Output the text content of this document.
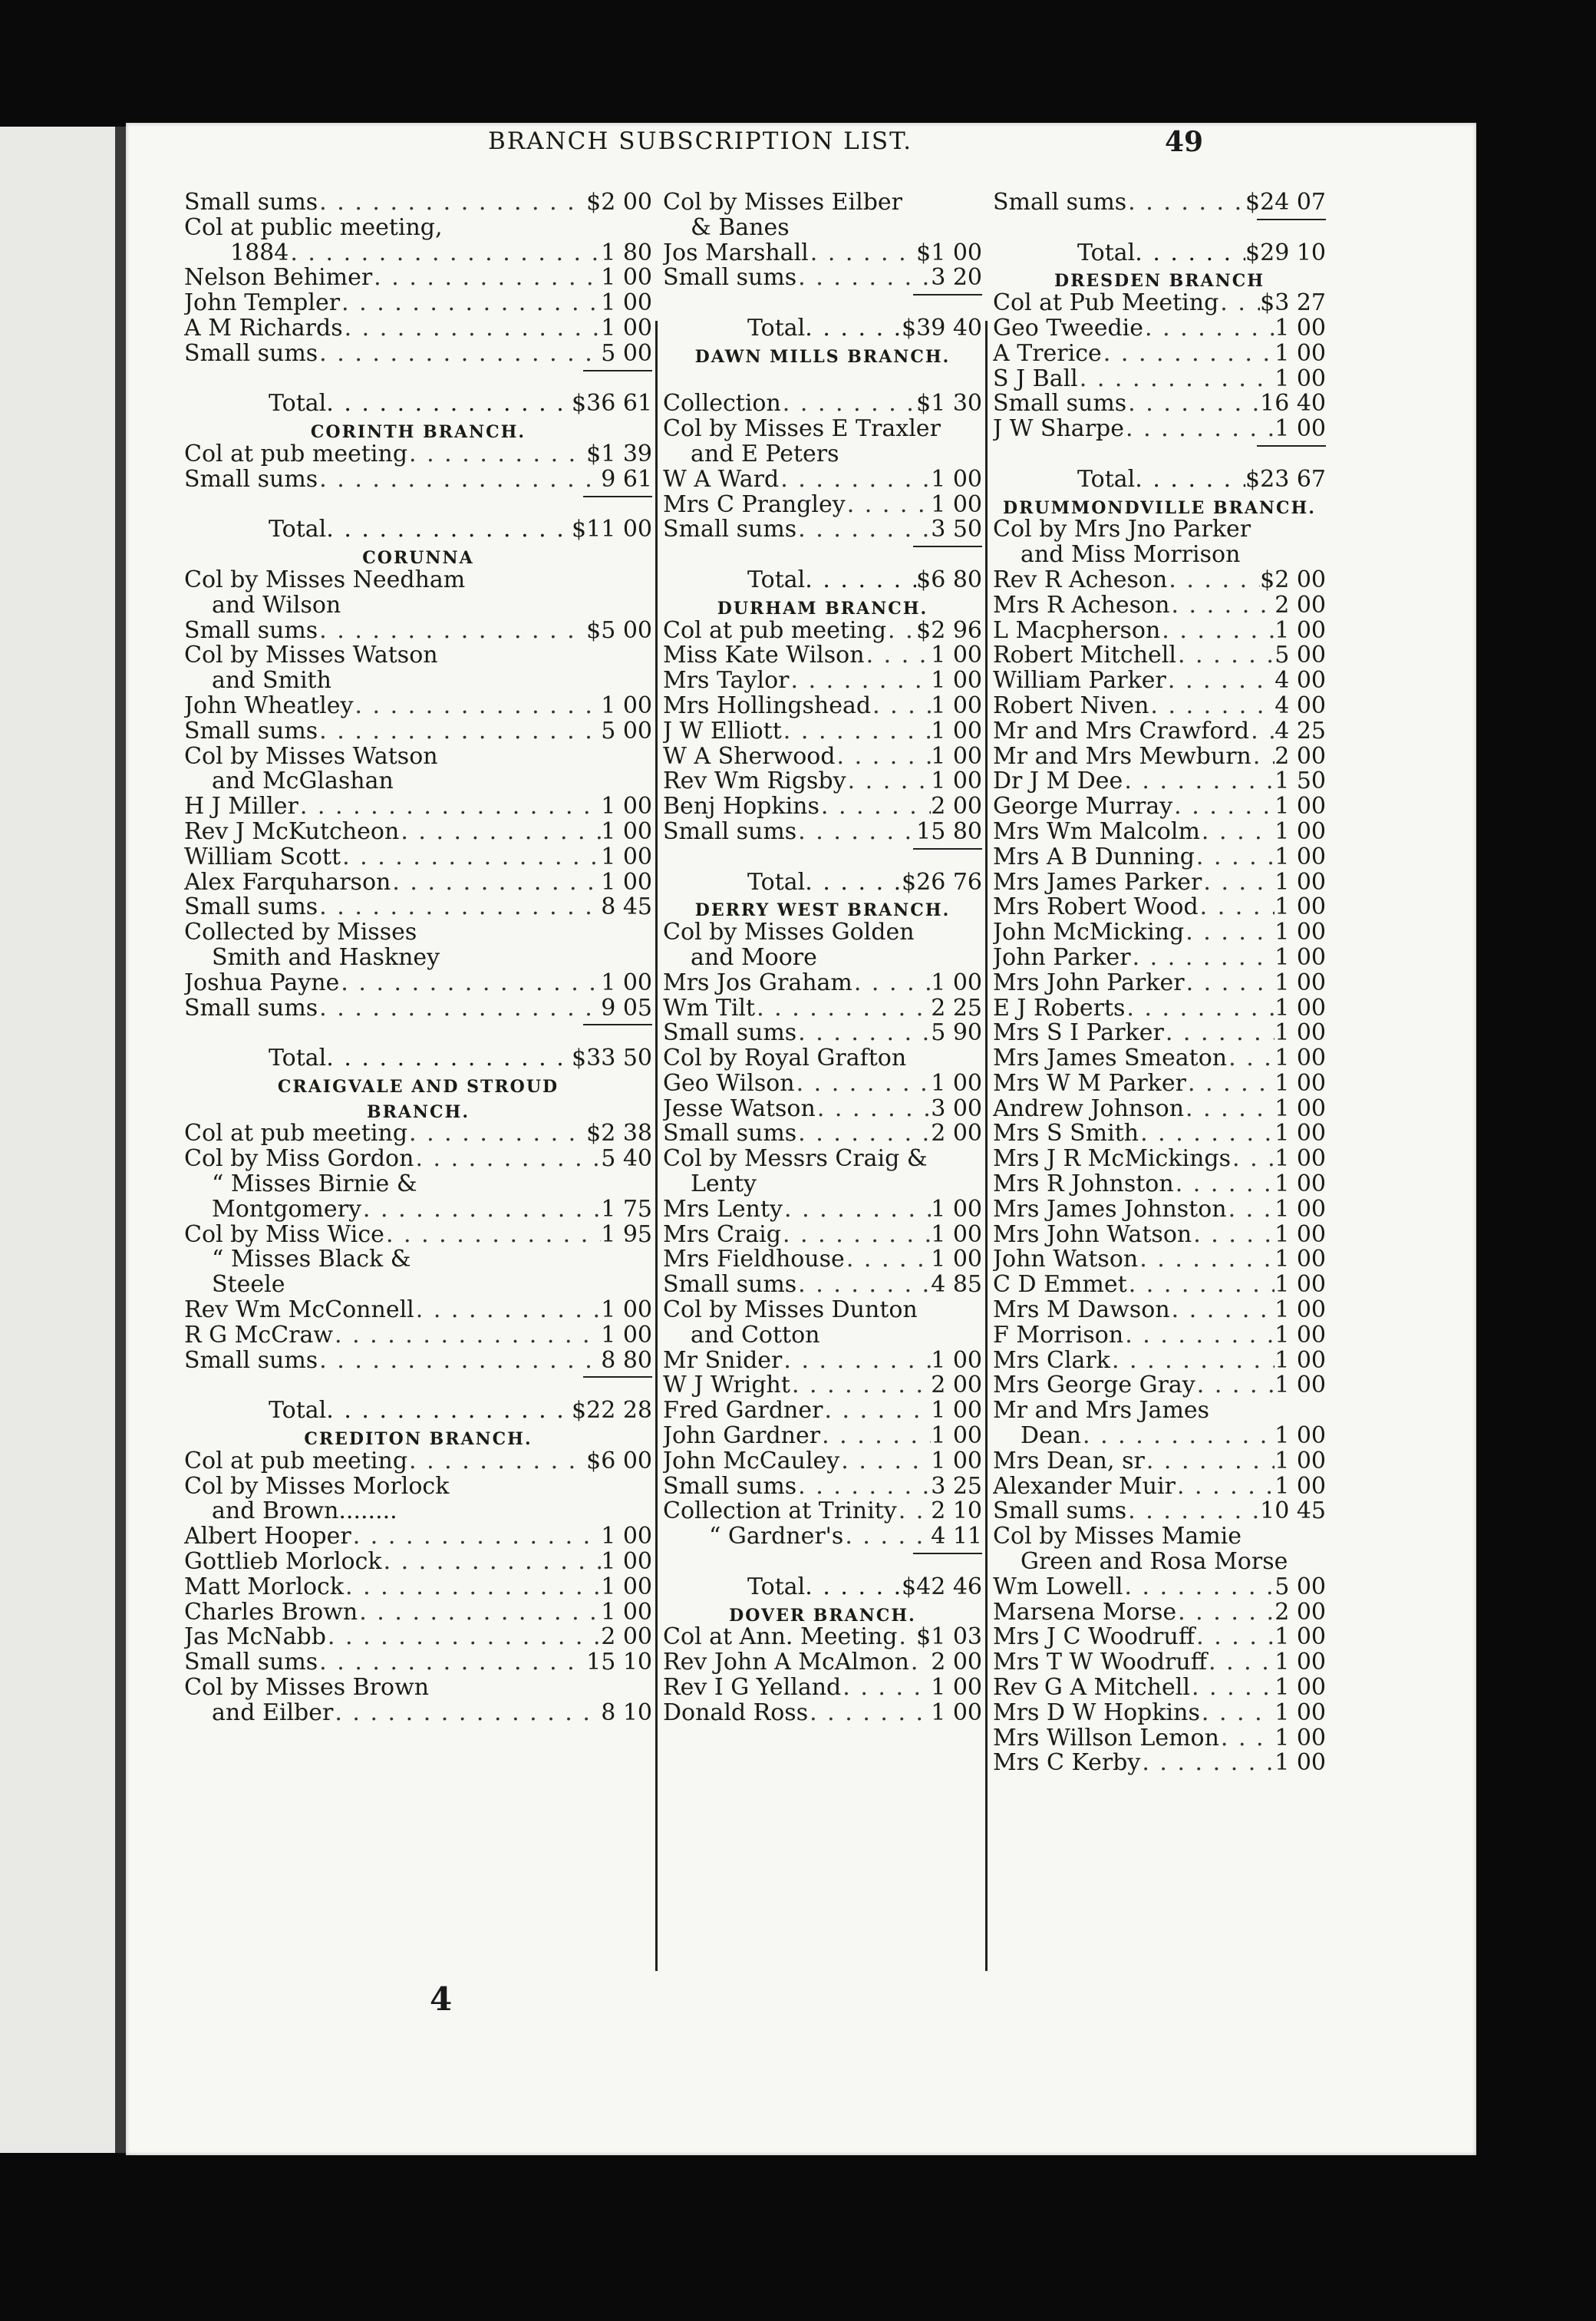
BRANCH SUBSCRIPTION LIST.	49
Small sums . . .	$2 00
Col at public meeting,
1884 . . .	1 80
Nelson Behimer . . .	1 00
John Templer . . .	1 00
A M Richards . . .	1 00
Small sums . . .	5 00
Total . . .	$36 61
CORINTH BRANCH.
Col at pub meeting . . .	$1 39
Small sums . . .	9 61
Total . . .	$11 00
CORUNNA
Col by Misses Needham
and Wilson
Small sums . . .	$5 00
Col by Misses Watson
and Smith
John Wheatley . . .	1 00
Small sums . . .	5 00
Col by Misses Watson
and McGlashan
H J Miller . . .	1 00
Rev J McKutcheon . . .	1 00
William Scott . . .	1 00
Alex Farquharson . . .	1 00
Small sums . . .	8 45
Collected by Misses
Smith and Haskney
Joshua Payne . . .	1 00
Small sums . . .	9 05
Total . . .	$33 50
CRAIGVALE AND STROUD
BRANCH.
Col at pub meeting . . .	$2 38
Col by Miss Gordon . . .	5 40
“ Misses Birnie &
Montgomery . . .	1 75
Col by Miss Wice . . .	1 95
“ Misses Black &
Steele
Rev Wm McConnell . . .	1 00
R G McCraw . . .	1 00
Small sums . . .	8 80
Total . . .	$22 28
CREDITON BRANCH.
Col at pub meeting . . .	$6 00
Col by Misses Morlock
and Brown........
Albert Hooper . . .	1 00
Gottlieb Morlock . . .	1 00
Matt Morlock . . .	1 00
Charles Brown . . .	1 00
Jas McNabb . . .	2 00
Small sums . . .	15 10
Col by Misses Brown
and Eilber . . .	8 10
Col by Misses Eilber
& Banes
Jos Marshall . . .	$1 00
Small sums . . .	3 20
Total . . .	$39 40
DAWN MILLS BRANCH.
Collection . . .	$1 30
Col by Misses E Traxler
and E Peters
W A Ward . . .	1 00
Mrs C Prangley . . .	1 00
Small sums . . .	3 50
Total . . .	$6 80
DURHAM BRANCH.
Col at pub meeting . . . $2 96
Miss Kate Wilson . . .	1 00
Mrs Taylor . . .	1 00
Mrs Hollingshead . . .	1 00
J W Elliott . . .	1 00
W A Sherwood . . .	1 00
Rev Wm Rigsby . . .	1 00
Benj Hopkins . . .	2 00
Small sums . . .	15 80
Total . . .	$26 76
DERRY WEST BRANCH.
Col by Misses Golden
and Moore
Mrs Jos Graham . . .	1 00
Wm Tilt . . .	2 25
Small sums . . .	5 90
Col by Royal Grafton
Geo Wilson . . .	1 00
Jesse Watson . . .	3 00
Small sums . . .	2 00
Col by Messrs Craig &
Lenty
Mrs Lenty . . .	1 00
Mrs Craig . . .	1 00
Mrs Fieldhouse . . .	1 00
Small sums . . .	4 85
Col by Misses Dunton
and Cotton
Mr Snider . . .	1 00
W J Wright . . .	2 00
Fred Gardner . . .	1 00
John Gardner . . .	1 00
John McCauley . . .	1 00
Small sums . . .	3 25
Collection at Trinity . . . 2 10
“ Gardner's . . .	4 11
Total . . .	$42 46
DOVER BRANCH.
Col at Ann. Meeting . . . $1 03
Rev John A McAlmon . . . 2 00
Rev I G Yelland . . .	1 00
Donald Ross . . .	1 00
Small sums . . .	$24 07
Total . . .	$29 10
DRESDEN BRANCH
Col at Pub Meeting . . . $3 27
Geo Tweedie . . .	1 00
A Trerice . . .	1 00
S J Ball . . .	1 00
Small sums . . .	16 40
J W Sharpe . . .	1 00
Total . . .	$23 67
DRUMMONDVILLE BRANCH.
Col by Mrs Jno Parker
and Miss Morrison
Rev R Acheson . . .	$2 00
Mrs R Acheson . . .	2 00
L Macpherson . . .	1 00
Robert Mitchell . . .	5 00
William Parker . . .	4 00
Robert Niven . . .	4 00
Mr and Mrs Crawford . . . 4 25
Mr and Mrs Mewburn . . . 2 00
Dr J M Dee . . .	1 50
George Murray . . .	1 00
Mrs Wm Malcolm . . .	1 00
Mrs A B Dunning . . .	1 00
Mrs James Parker . . .	1 00
Mrs Robert Wood . . .	1 00
John McMicking . . .	1 00
John Parker . . .	1 00
Mrs John Parker . . .	1 00
E J Roberts . . .	1 00
Mrs S I Parker . . .	1 00
Mrs James Smeaton . . . 1 00
Mrs W M Parker . . .	1 00
Andrew Johnson . . .	1 00
Mrs S Smith . . .	1 00
Mrs J R McMickings . . . 1 00
Mrs R Johnston . . .	1 00
Mrs James Johnston . . . 1 00
Mrs John Watson . . .	1 00
John Watson . . .	1 00
C D Emmet . . .	1 00
Mrs M Dawson . . .	1 00
F Morrison . . .	1 00
Mrs Clark . . .	1 00
Mrs George Gray . . .	1 00
Mr and Mrs James
Dean . . .	1 00
Mrs Dean, sr . . .	1 00
Alexander Muir . . .	1 00
Small sums . . .	10 45
Col by Misses Mamie
Green and Rosa Morse
Wm Lowell . . .	5 00
Marsena Morse . . .	2 00
Mrs J C Woodruff . . .	1 00
Mrs T W Woodruff . . .	1 00
Rev G A Mitchell . . .	1 00
Mrs D W Hopkins . . .	1 00
Mrs Willson Lemon . . . 1 00
Mrs C Kerby . . .	1 00
4
